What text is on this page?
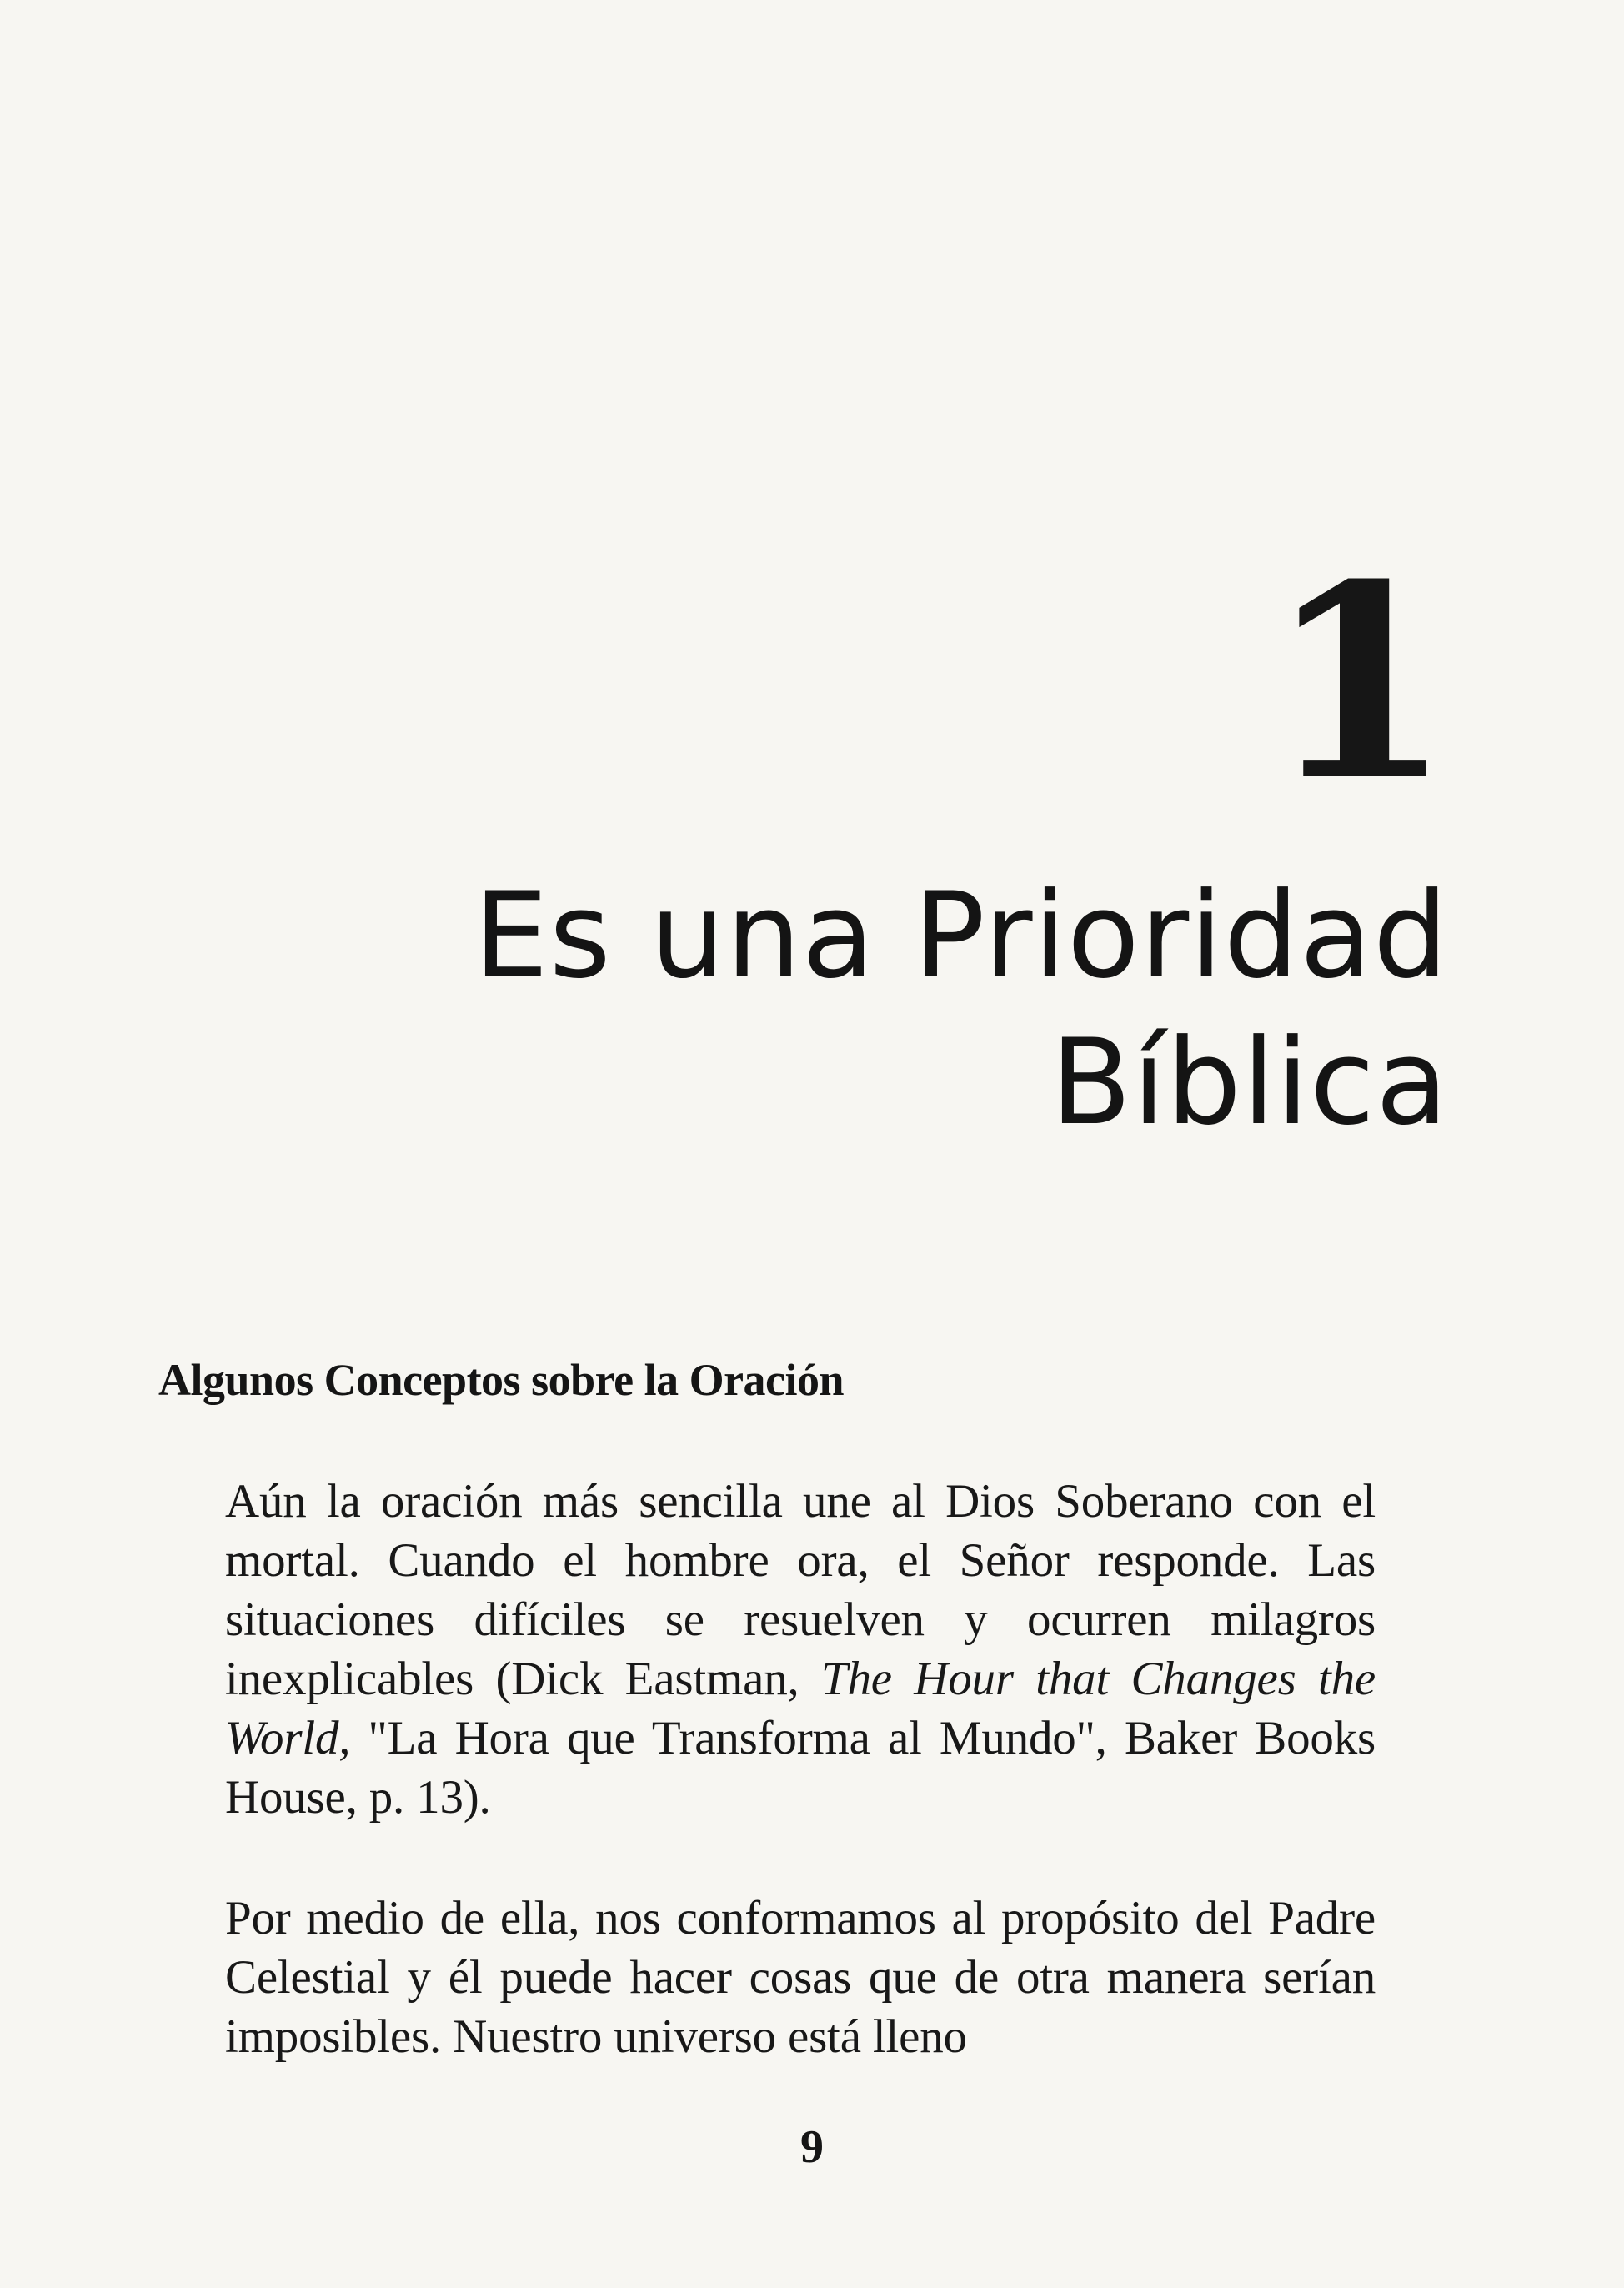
1
Es una Prioridad
Bíblica
Algunos Conceptos sobre la Oración

Aún la oración más sencilla une al Dios Soberano con el mortal. Cuando el hombre ora, el Señor responde. Las situaciones difíciles se resuelven y ocurren milagros inexplicables (Dick Eastman, The Hour that Changes the World, "La Hora que Transforma al Mundo", Baker Books House, p. 13).

Por medio de ella, nos conformamos al propósito del Padre Celestial y él puede hacer cosas que de otra manera serían imposibles. Nuestro universo está lleno

9
